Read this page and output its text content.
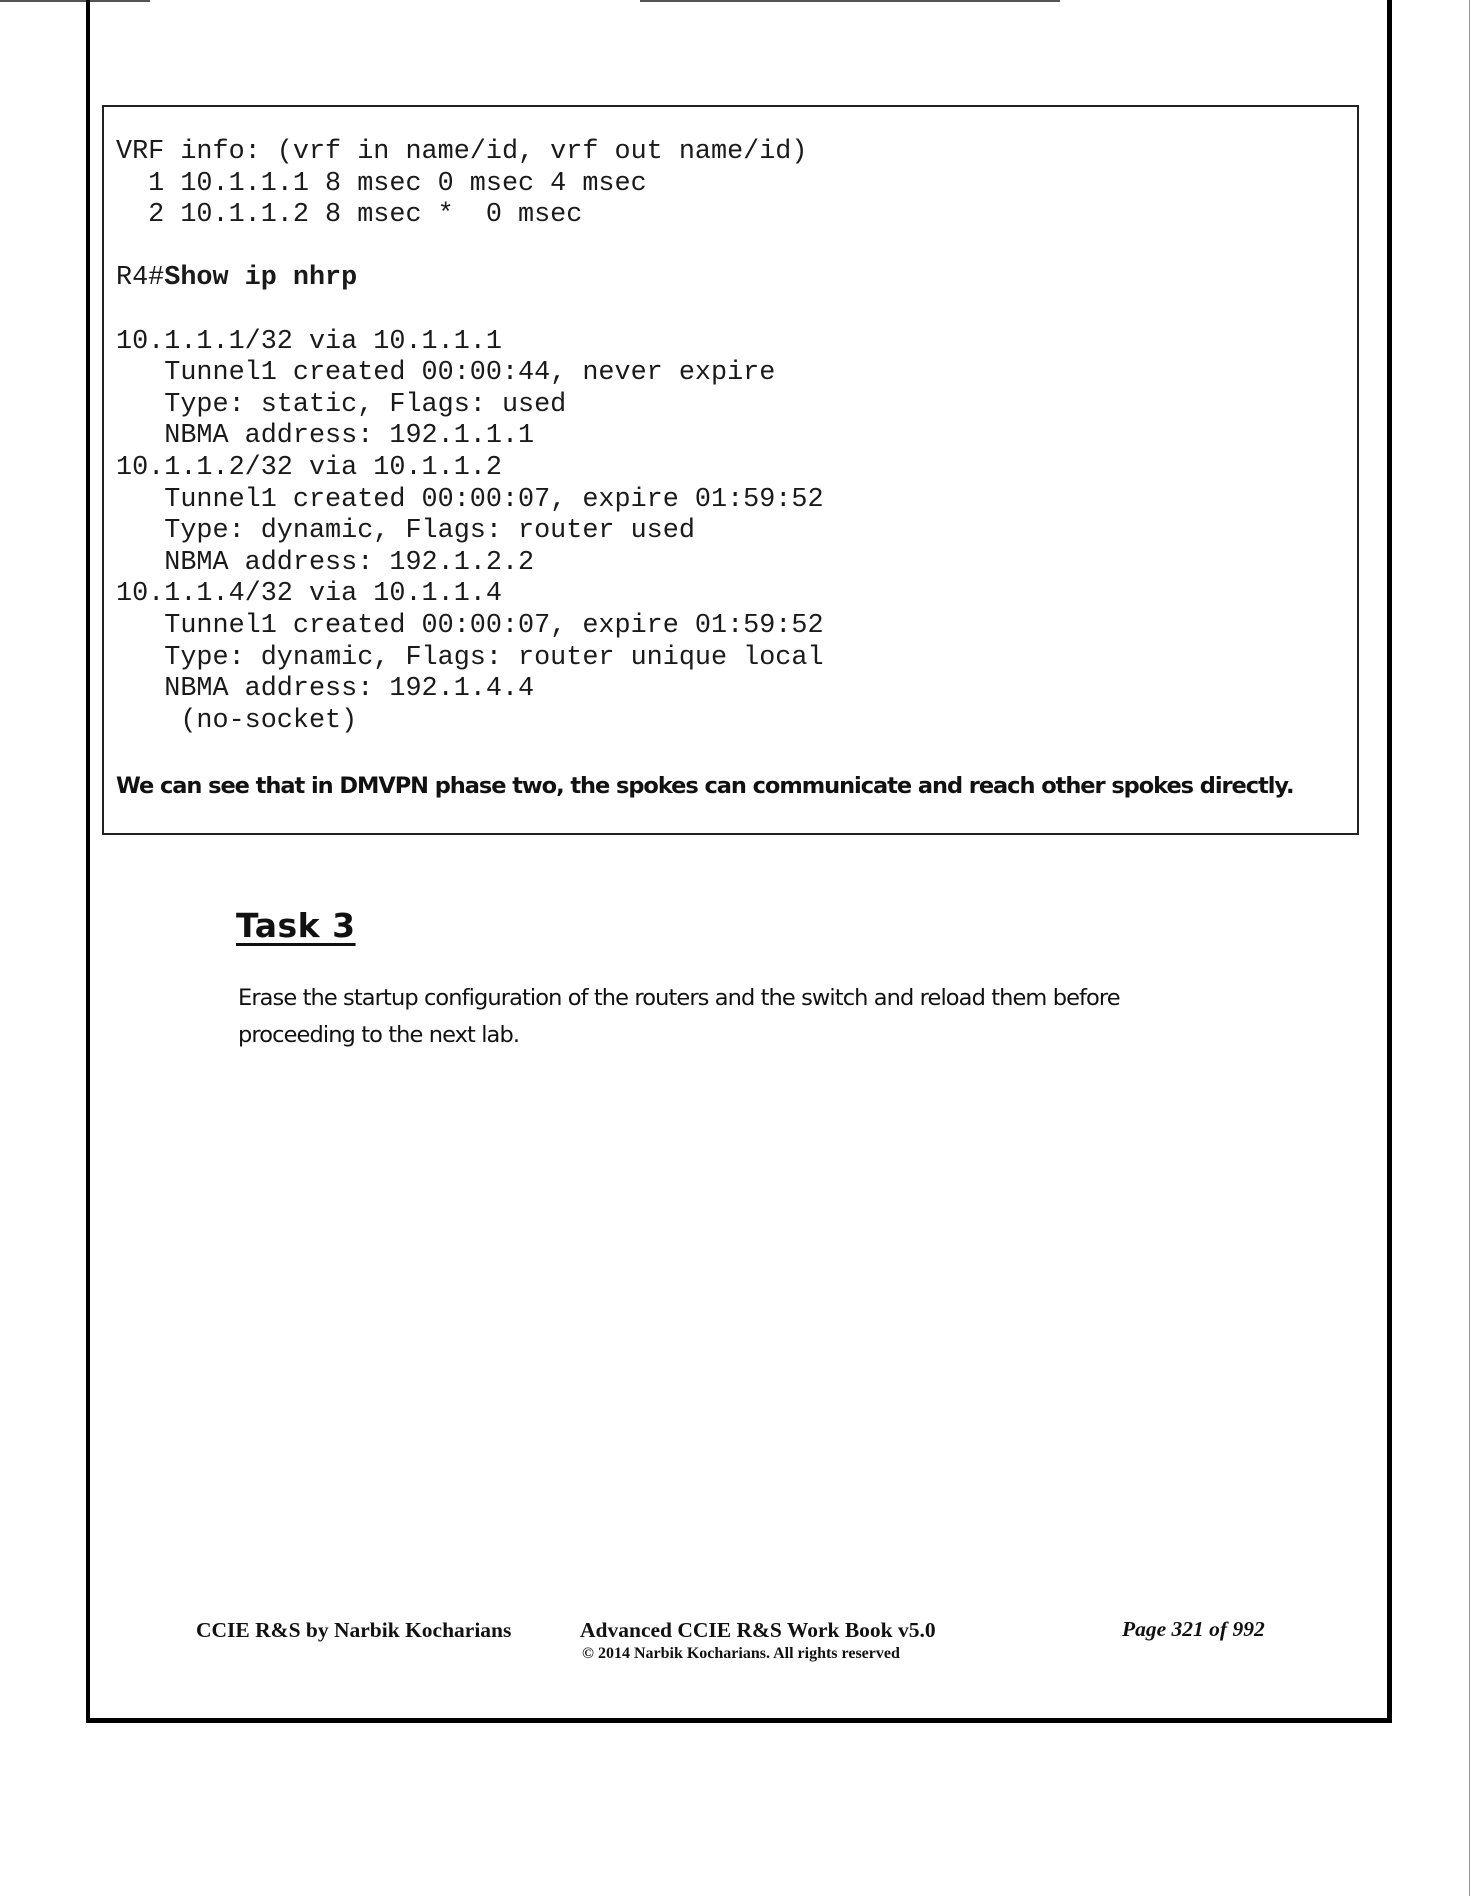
VRF info: (vrf in name/id, vrf out name/id)
1 10.1.1.1 8 msec 0 msec 4 msec
2 10.1.1.2 8 msec *  0 msec
R4#Show ip nhrp
10.1.1.1/32 via 10.1.1.1
Tunnel1 created 00:00:44, never expire
Type: static, Flags: used
NBMA address: 192.1.1.1
10.1.1.2/32 via 10.1.1.2
Tunnel1 created 00:00:07, expire 01:59:52
Type: dynamic, Flags: router used
NBMA address: 192.1.2.2
10.1.1.4/32 via 10.1.1.4
Tunnel1 created 00:00:07, expire 01:59:52
Type: dynamic, Flags: router unique local
NBMA address: 192.1.4.4
(no-socket)

We can see that in DMVPN phase two, the spokes can communicate and reach other spokes directly.

Task 3

Erase the startup configuration of the routers and the switch and reload them before proceeding to the next lab.

CCIE R&S by Narbik Kocharians	Advanced CCIE R&S Work Book v5.0

© 2014 Narbik Kocharians. All rights reserved

Page 321 of 992
